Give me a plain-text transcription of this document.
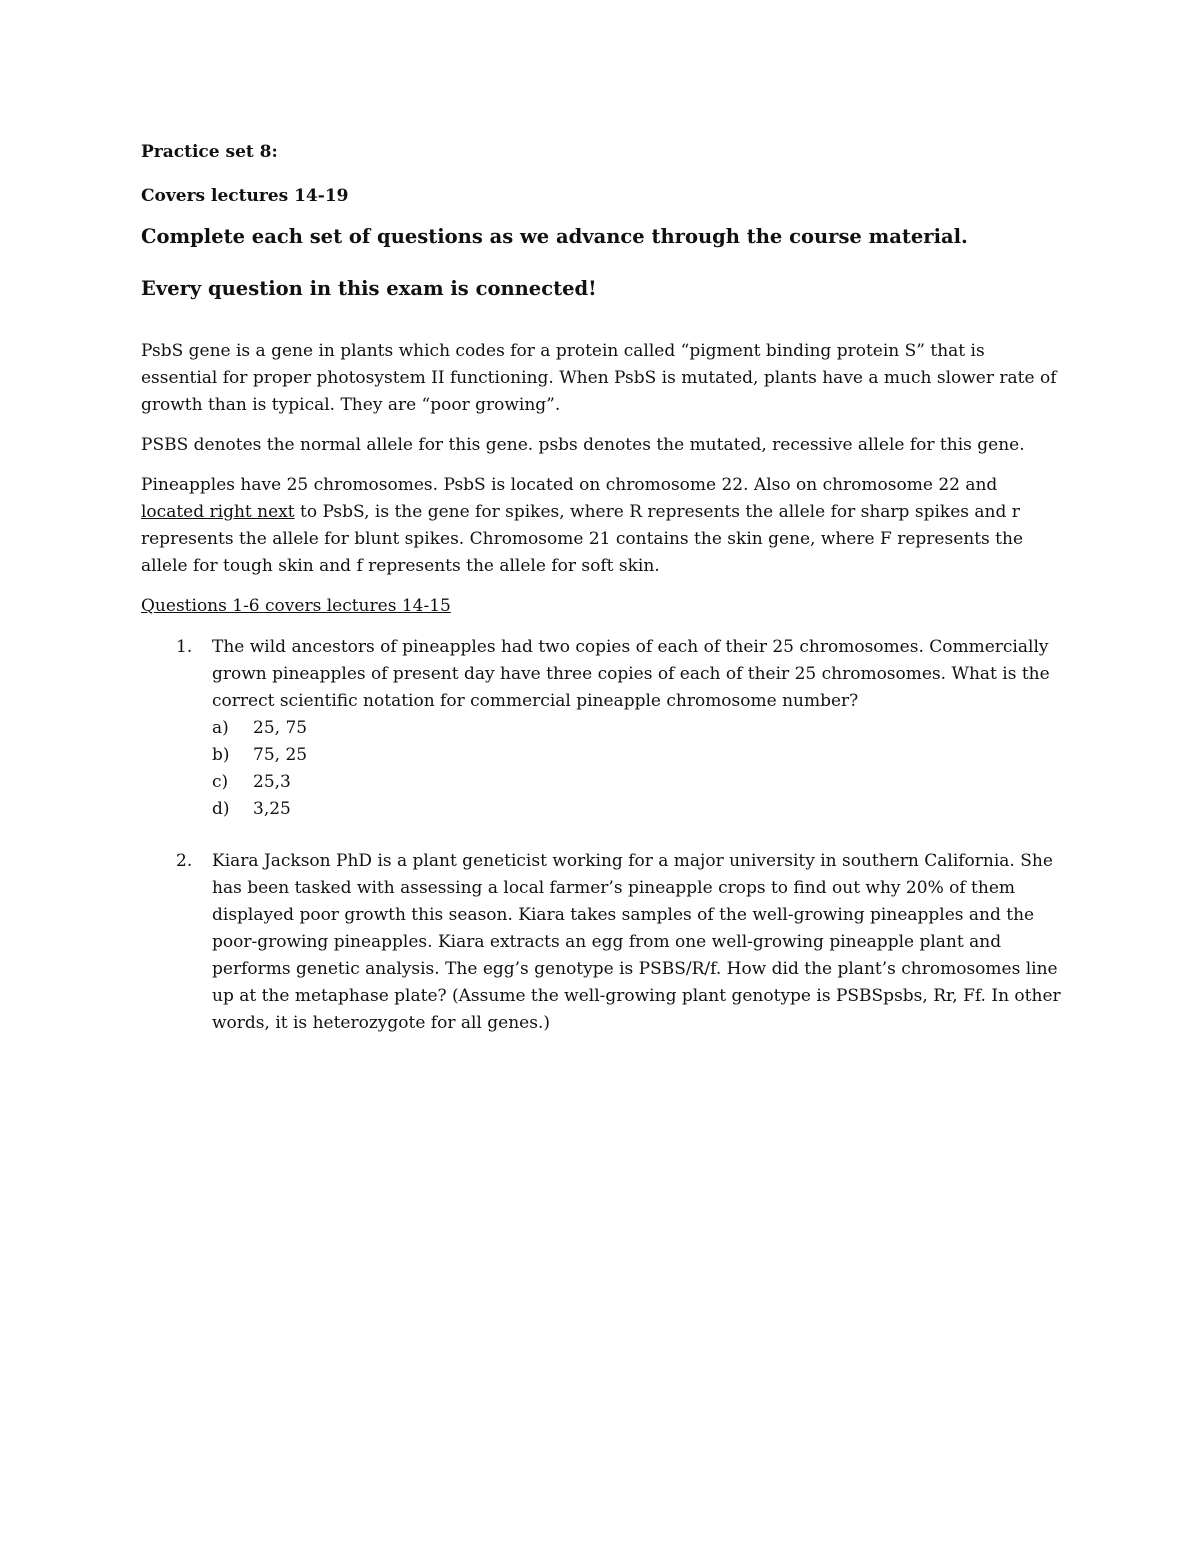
Practice set 8:

Covers lectures 14-19

Complete each set of questions as we advance through the course material.

Every question in this exam is connected!

PsbS gene is a gene in plants which codes for a protein called “pigment binding protein S” that is essential for proper photosystem II functioning. When PsbS is mutated, plants have a much slower rate of growth than is typical. They are “poor growing”.

PSBS denotes the normal allele for this gene. psbs denotes the mutated, recessive allele for this gene.

Pineapples have 25 chromosomes. PsbS is located on chromosome 22. Also on chromosome 22 and located right next to PsbS, is the gene for spikes, where R represents the allele for sharp spikes and r represents the allele for blunt spikes. Chromosome 21 contains the skin gene, where F represents the allele for tough skin and f represents the allele for soft skin.

Questions 1-6 covers lectures 14-15

1. The wild ancestors of pineapples had two copies of each of their 25 chromosomes. Commercially grown pineapples of present day have three copies of each of their 25 chromosomes. What is the correct scientific notation for commercial pineapple chromosome number?
a) 25, 75
b) 75, 25
c) 25,3
d) 3,25
2. Kiara Jackson PhD is a plant geneticist working for a major university in southern California. She has been tasked with assessing a local farmer’s pineapple crops to find out why 20% of them displayed poor growth this season. Kiara takes samples of the well-growing pineapples and the poor-growing pineapples. Kiara extracts an egg from one well-growing pineapple plant and performs genetic analysis. The egg’s genotype is PSBS/R/f. How did the plant’s chromosomes line up at the metaphase plate? (Assume the well-growing plant genotype is PSBSpsbs, Rr, Ff. In other words, it is heterozygote for all genes.)
